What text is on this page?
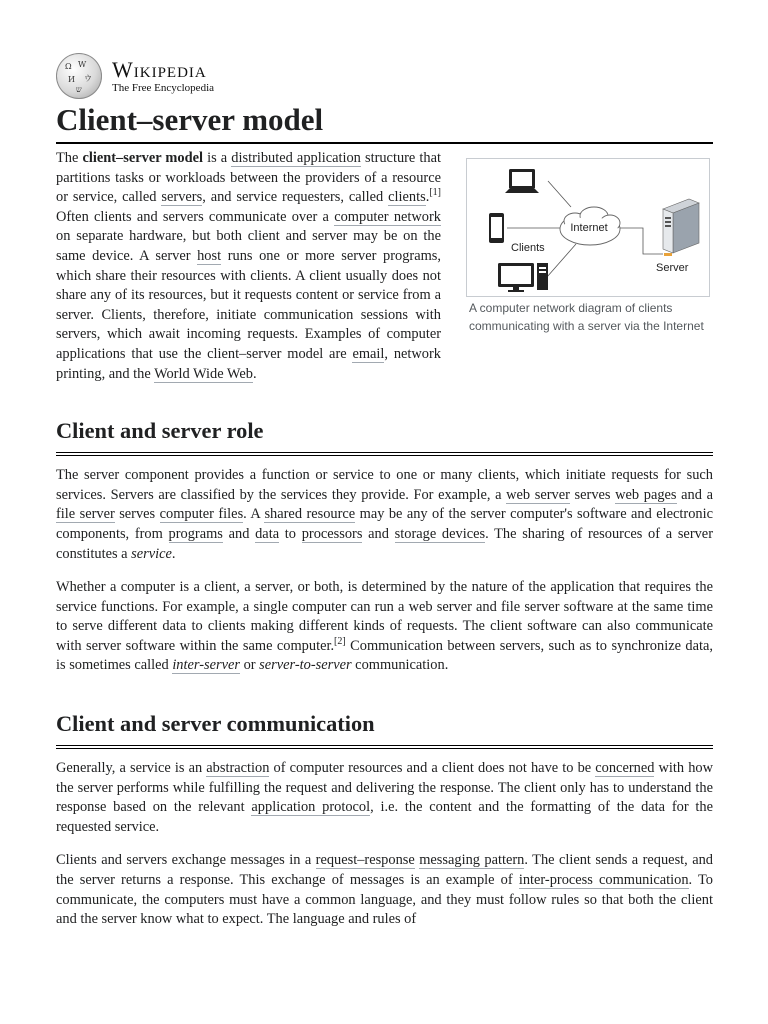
Ω W
И ウ
ש
Wikipedia
The Free Encyclopedia
Client–server model

The client–server model is a distributed application structure that partitions tasks or workloads between the providers of a resource or service, called servers, and service requesters, called clients.[1] Often clients and servers communicate over a computer network on separate hardware, but both client and server may be on the same device. A server host runs one or more server programs, which share their resources with clients. A client usually does not share any of its resources, but it requests content or service from a server. Clients, therefore, initiate communication sessions with servers, which await incoming requests. Examples of computer applications that use the client–server model are email, network printing, and the World Wide Web.

Internet
Clients
Server
A computer network diagram of clients communicating with a server via the Internet
Client and server role

The server component provides a function or service to one or many clients, which initiate requests for such services. Servers are classified by the services they provide. For example, a web server serves web pages and a file server serves computer files. A shared resource may be any of the server computer's software and electronic components, from programs and data to processors and storage devices. The sharing of resources of a server constitutes a service.

Whether a computer is a client, a server, or both, is determined by the nature of the application that requires the service functions. For example, a single computer can run a web server and file server software at the same time to serve different data to clients making different kinds of requests. The client software can also communicate with server software within the same computer.[2] Communication between servers, such as to synchronize data, is sometimes called inter-server or server-to-server communication.

Client and server communication

Generally, a service is an abstraction of computer resources and a client does not have to be concerned with how the server performs while fulfilling the request and delivering the response. The client only has to understand the response based on the relevant application protocol, i.e. the content and the formatting of the data for the requested service.

Clients and servers exchange messages in a request–response messaging pattern. The client sends a request, and the server returns a response. This exchange of messages is an example of inter-process communication. To communicate, the computers must have a common language, and they must follow rules so that both the client and the server know what to expect. The language and rules of
